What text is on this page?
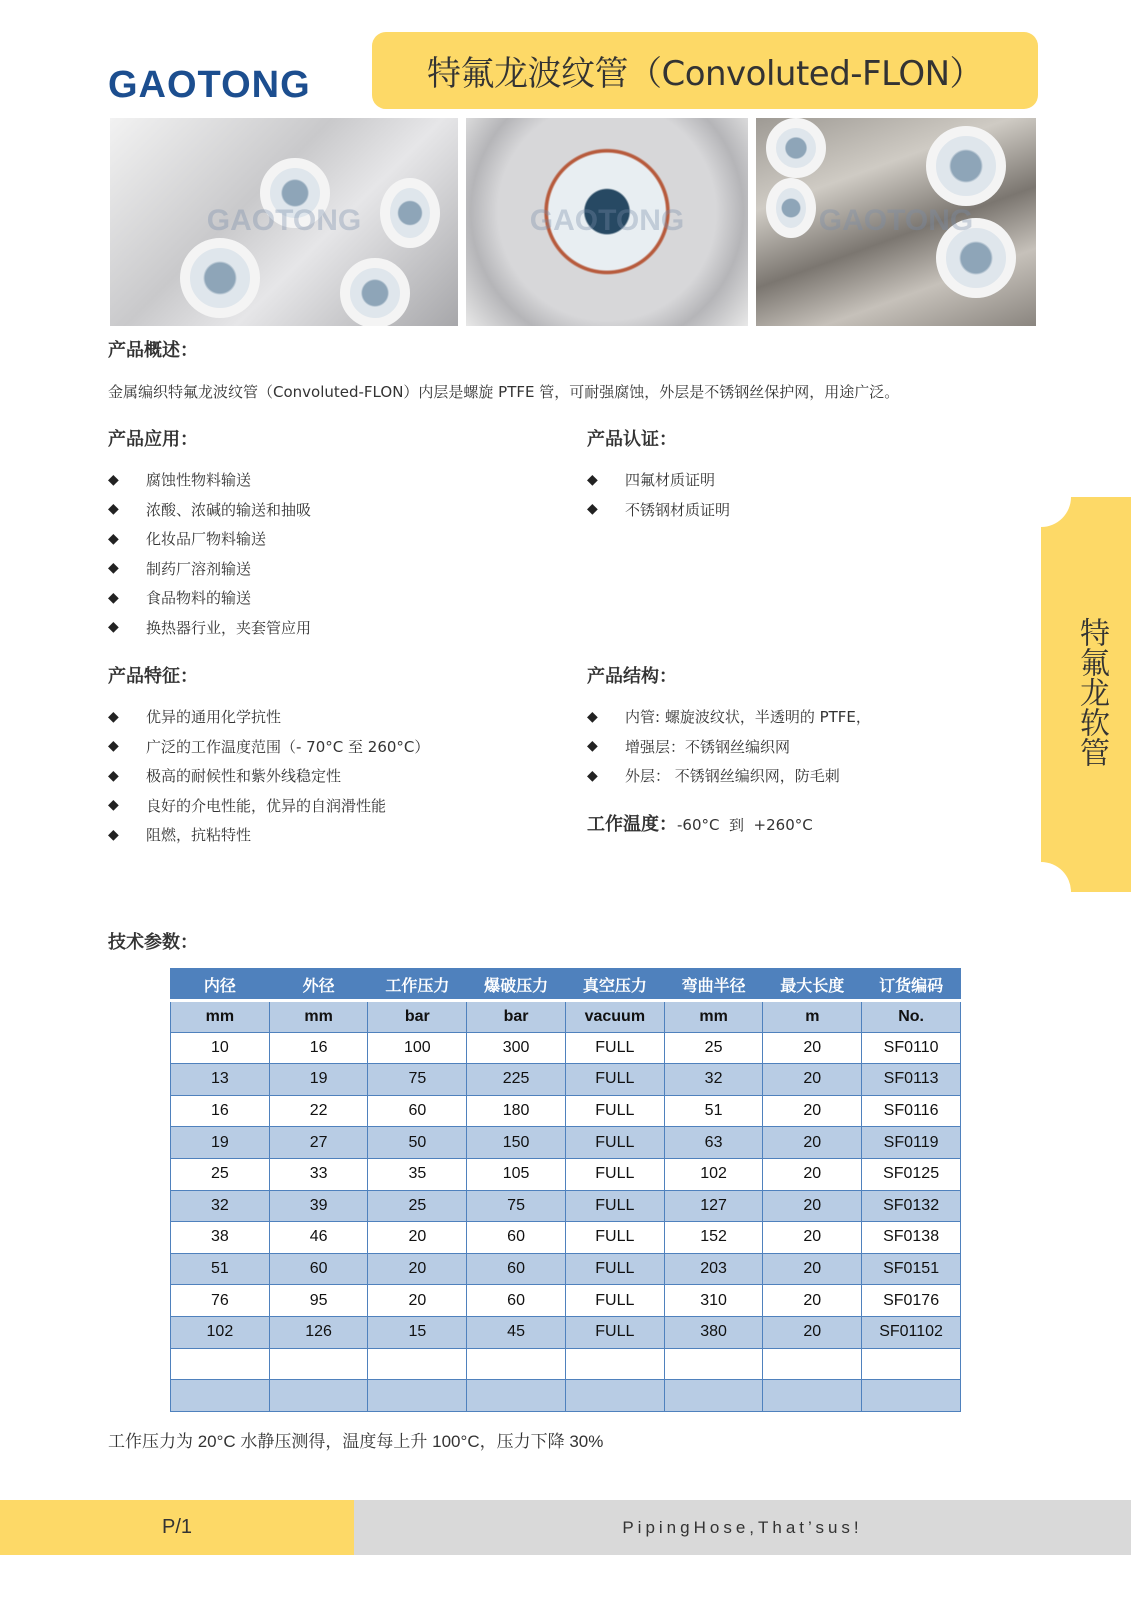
GAOTONG	特氟龙波纹管（Convoluted-FLON）
GAOTONG	GAOTONG	GAOTONG
产品概述：
金属编织特氟龙波纹管（Convoluted-FLON）内层是螺旋 PTFE 管，可耐强腐蚀，外层是不锈钢丝保护网，用途广泛。
产品应用：
◆	腐蚀性物料输送
◆	浓酸、浓碱的输送和抽吸
◆	化妆品厂物料输送
◆	制药厂溶剂输送
◆	食品物料的输送
◆	换热器行业，夹套管应用
产品认证：
◆	四氟材质证明
◆	不锈钢材质证明
产品特征：
◆	优异的通用化学抗性
◆	广泛的工作温度范围（- 70°C 至 260°C）
◆	极高的耐候性和紫外线稳定性
◆	良好的介电性能，优异的自润滑性能
◆	阻燃，抗粘特性
产品结构：
◆	内管: 螺旋波纹状，半透明的 PTFE，
◆	增强层：不锈钢丝编织网
◆	外层： 不锈钢丝编织网，防毛刺
工作温度：-60°C  到  +260°C
特氟龙软管
技术参数：
内径	外径	工作压力	爆破压力	真空压力	弯曲半径	最大长度	订货编码
mm	mm	bar	bar	vacuum	mm	m	No.
10	16	100	300	FULL	25	20	SF0110
13	19	75	225	FULL	32	20	SF0113
16	22	60	180	FULL	51	20	SF0116
19	27	50	150	FULL	63	20	SF0119
25	33	35	105	FULL	102	20	SF0125
32	39	25	75	FULL	127	20	SF0132
38	46	20	60	FULL	152	20	SF0138
51	60	20	60	FULL	203	20	SF0151
76	95	20	60	FULL	310	20	SF0176
102	126	15	45	FULL	380	20	SF01102

工作压力为 20°C 水静压测得，温度每上升 100°C，压力下降 30%
P/1	PipingHose,That’sus!
